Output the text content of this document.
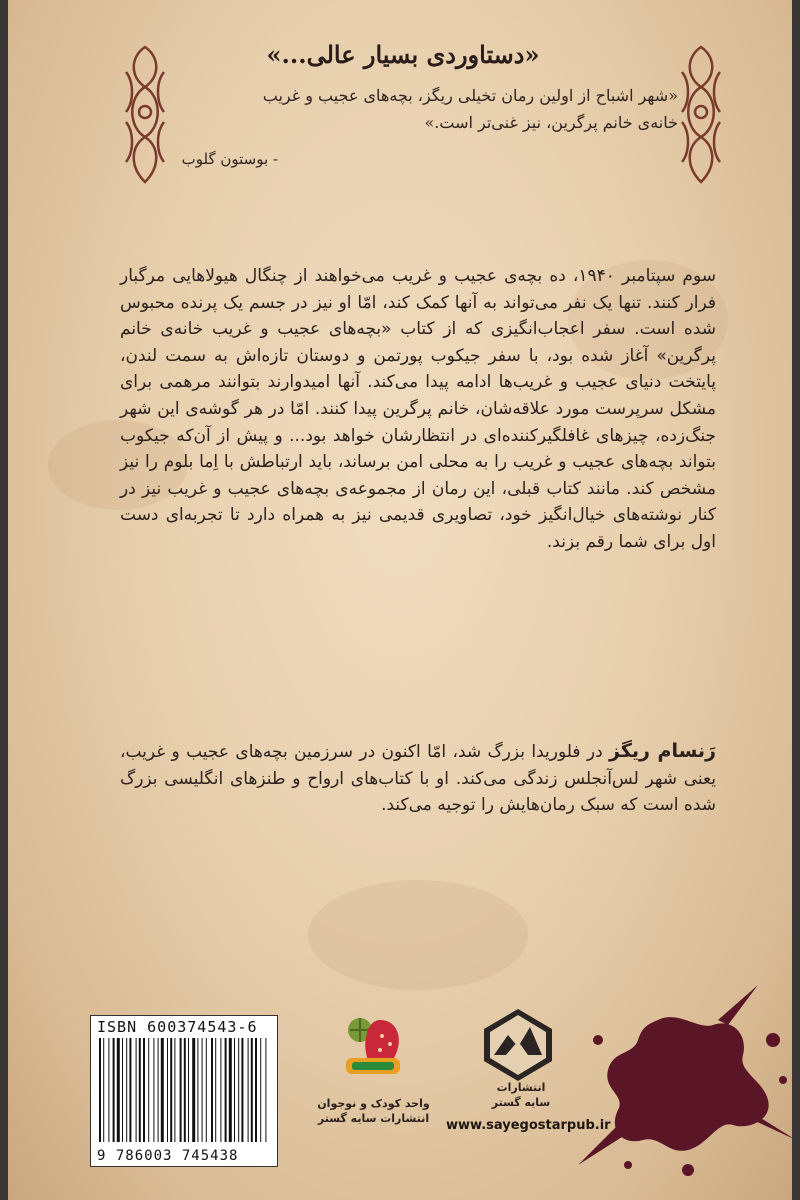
«دستاوردی بسیار عالی...»
«شهر اشباح از اولین رمان تخیلی ریگز، بچه‌های عجیب و غریب
خانه‌ی خانم پرگرین، نیز غنی‌تر است.»
- بوستون گلوب
سوم سپتامبر ۱۹۴۰، ده بچه‌ی عجیب و غریب می‌خواهند از چنگال هیولاهایی مرگبار فرار کنند. تنها یک نفر می‌تواند به آنها کمک کند، امّا او نیز در جسم یک پرنده محبوس شده است. سفر اعجاب‌انگیزی که از کتاب «بچه‌های عجیب و غریب خانه‌ی خانم پرگرین» آغاز شده بود، با سفر جیکوب پورتمن و دوستان تازه‌اش به سمت لندن، پایتخت دنیای عجیب و غریب‌ها ادامه پیدا می‌کند. آنها امیدوارند بتوانند مرهمی برای مشکل سرپرست مورد علاقه‌شان، خانم پرگرین پیدا کنند. امّا در هر گوشه‌ی این شهر جنگ‌زده، چیزهای غافلگیرکننده‌ای در انتظارشان خواهد بود... و پیش از آن‌که جیکوب بتواند بچه‌های عجیب و غریب را به محلی امن برساند، باید ارتباطش با اِما بلوم را نیز مشخص کند. مانند کتاب قبلی، این رمان از مجموعه‌ی بچه‌های عجیب و غریب نیز در کنار نوشته‌های خیال‌انگیز خود، تصاویری قدیمی نیز به همراه دارد تا تجربه‌ای دست اول برای شما رقم بزند.
رَنسام ریگز در فلوریدا بزرگ شد، امّا اکنون در سرزمین بچه‌های عجیب و غریب، یعنی شهر لس‌آنجلس زندگی می‌کند. او با کتاب‌های ارواح و طنزهای انگلیسی بزرگ شده است که سبک رمان‌هایش را توجیه می‌کند.
ISBN 600374543-6
9 786003 745438
واحد کودک و نوجوان
انتشارات سایه گستر
انتشارات
سایه گستر
www.sayegostarpub.ir
